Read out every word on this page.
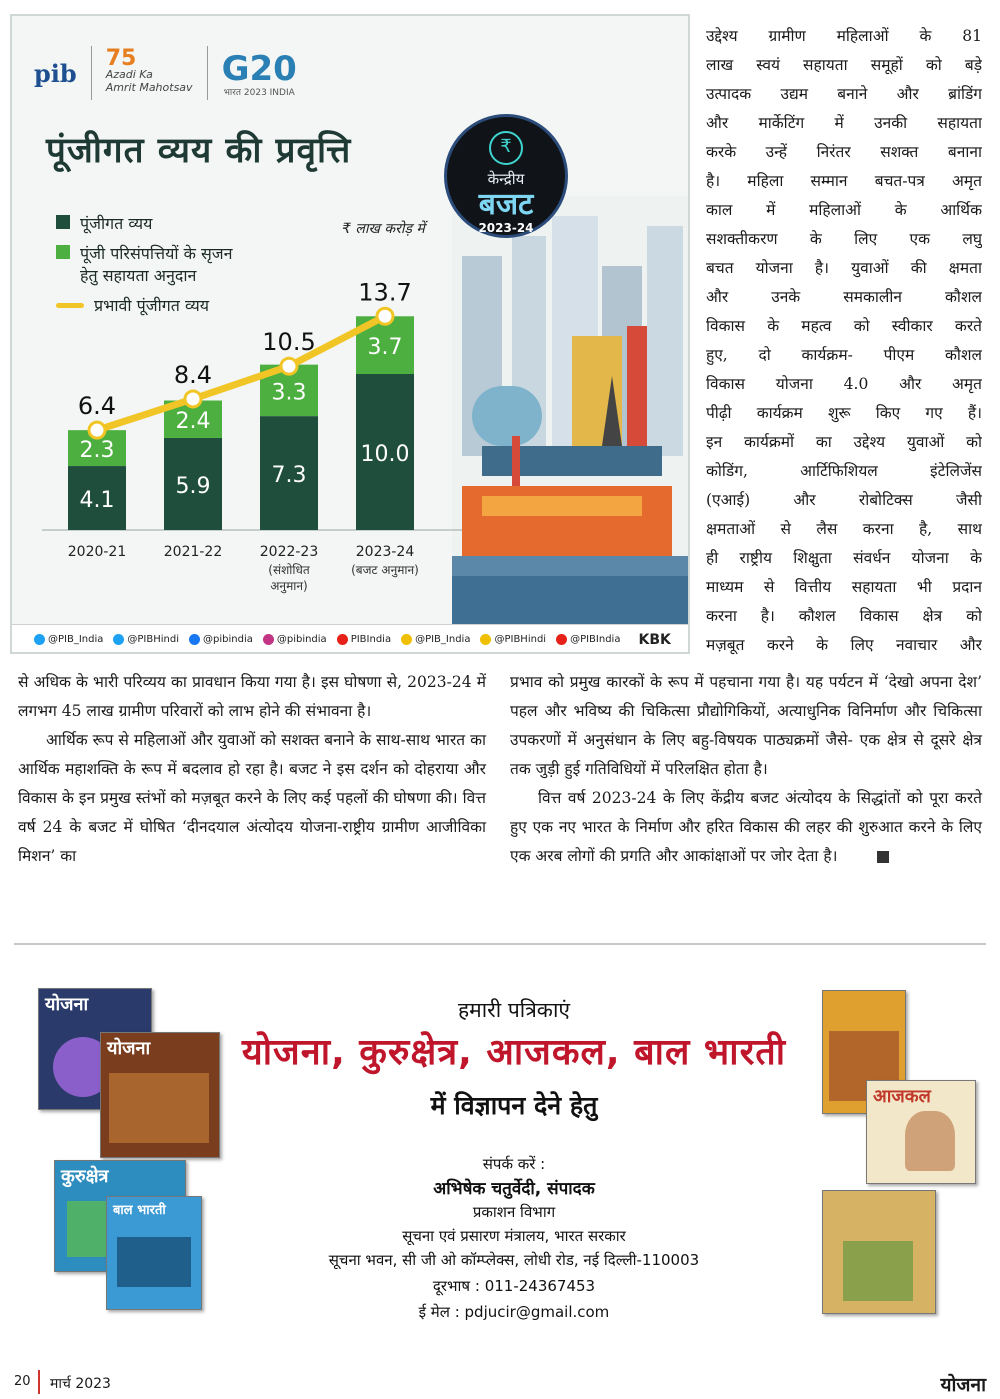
pib 75
Azadi Ka
Amrit Mahotsav G20
भारत 2023 INDIA
पूंजीगत व्यय की प्रवृत्ति	₹
केन्द्रीय
बजट
2023-24
पूंजीगत व्यय
पूंजी परिसंपत्तियों के सृजन
हेतु सहायता अनुदान
प्रभावी पूंजीगत व्यय
₹ लाख करोड़ में
4.1
2.3
2020-21
5.9
2.4
2021-22
7.3
3.3
2022-23
(संशोधित
अनुमान)
10.0
3.7
2023-24
(बजट अनुमान)
6.4
8.4
10.5
13.7
@PIB_India @PIBHindi @pibindia @pibindia PIBIndia @PIB_India @PIBHindi @PIBIndia KBK
उद्देश्य ग्रामीण महिलाओं के 81
लाख स्वयं सहायता समूहों को बड़े
उत्पादक उद्यम बनाने और ब्रांडिंग
और मार्केटिंग में उनकी सहायता
करके उन्हें निरंतर सशक्त बनाना
है। महिला सम्मान बचत-पत्र अमृत
काल में महिलाओं के आर्थिक
सशक्तीकरण के लिए एक लघु
बचत योजना है। युवाओं की क्षमता
और उनके समकालीन कौशल
विकास के महत्व को स्वीकार करते
हुए, दो कार्यक्रम- पीएम कौशल
विकास योजना 4.0 और अमृत
पीढ़ी कार्यक्रम शुरू किए गए हैं।
इन कार्यक्रमों का उद्देश्य युवाओं को
कोडिंग, आर्टिफिशियल इंटेलिजेंस
(एआई) और रोबोटिक्स जैसी
क्षमताओं से लैस करना है, साथ
ही राष्ट्रीय शिक्षुता संवर्धन योजना के
माध्यम से वित्तीय सहायता भी प्रदान
करना है। कौशल विकास क्षेत्र को
मज़बूत करने के लिए नवाचार और

से अधिक के भारी परिव्यय का प्रावधान किया गया है। इस घोषणा से, 2023-24 में लगभग 45 लाख ग्रामीण परिवारों को लाभ होने की संभावना है।

आर्थिक रूप से महिलाओं और युवाओं को सशक्त बनाने के साथ-साथ भारत का आर्थिक महाशक्ति के रूप में बदलाव हो रहा है। बजट ने इस दर्शन को दोहराया और विकास के इन प्रमुख स्तंभों को मज़बूत करने के लिए कई पहलों की घोषणा की। वित्त वर्ष 24 के बजट में घोषित ‘दीनदयाल अंत्योदय योजना-राष्ट्रीय ग्रामीण आजीविका मिशन’ का

प्रभाव को प्रमुख कारकों के रूप में पहचाना गया है। यह पर्यटन में ‘देखो अपना देश’ पहल और भविष्य की चिकित्सा प्रौद्योगिकियों, अत्याधुनिक विनिर्माण और चिकित्सा उपकरणों में अनुसंधान के लिए बहु-विषयक पाठ्यक्रमों जैसे- एक क्षेत्र से दूसरे क्षेत्र तक जुड़ी हुई गतिविधियों में परिलक्षित होता है।

वित्त वर्ष 2023-24 के लिए केंद्रीय बजट अंत्योदय के सिद्धांतों को पूरा करते हुए एक नए भारत के निर्माण और हरित विकास की लहर की शुरुआत करने के लिए एक अरब लोगों की प्रगति और आकांक्षाओं पर जोर देता है।

योजना
योजना
कुरुक्षेत्र
बाल भारती
आजकल
हमारी पत्रिकाएं
योजना, कुरुक्षेत्र, आजकल, बाल भारती
में विज्ञापन देने हेतु
संपर्क करें :
अभिषेक चतुर्वेदी, संपादक
प्रकाशन विभाग
सूचना एवं प्रसारण मंत्रालय, भारत सरकार
सूचना भवन, सी जी ओ कॉम्प्लेक्स, लोधी रोड, नई दिल्ली-110003
दूरभाष : 011-24367453
ई मेल : pdjucir@gmail.com
20 मार्च 2023	योजना
